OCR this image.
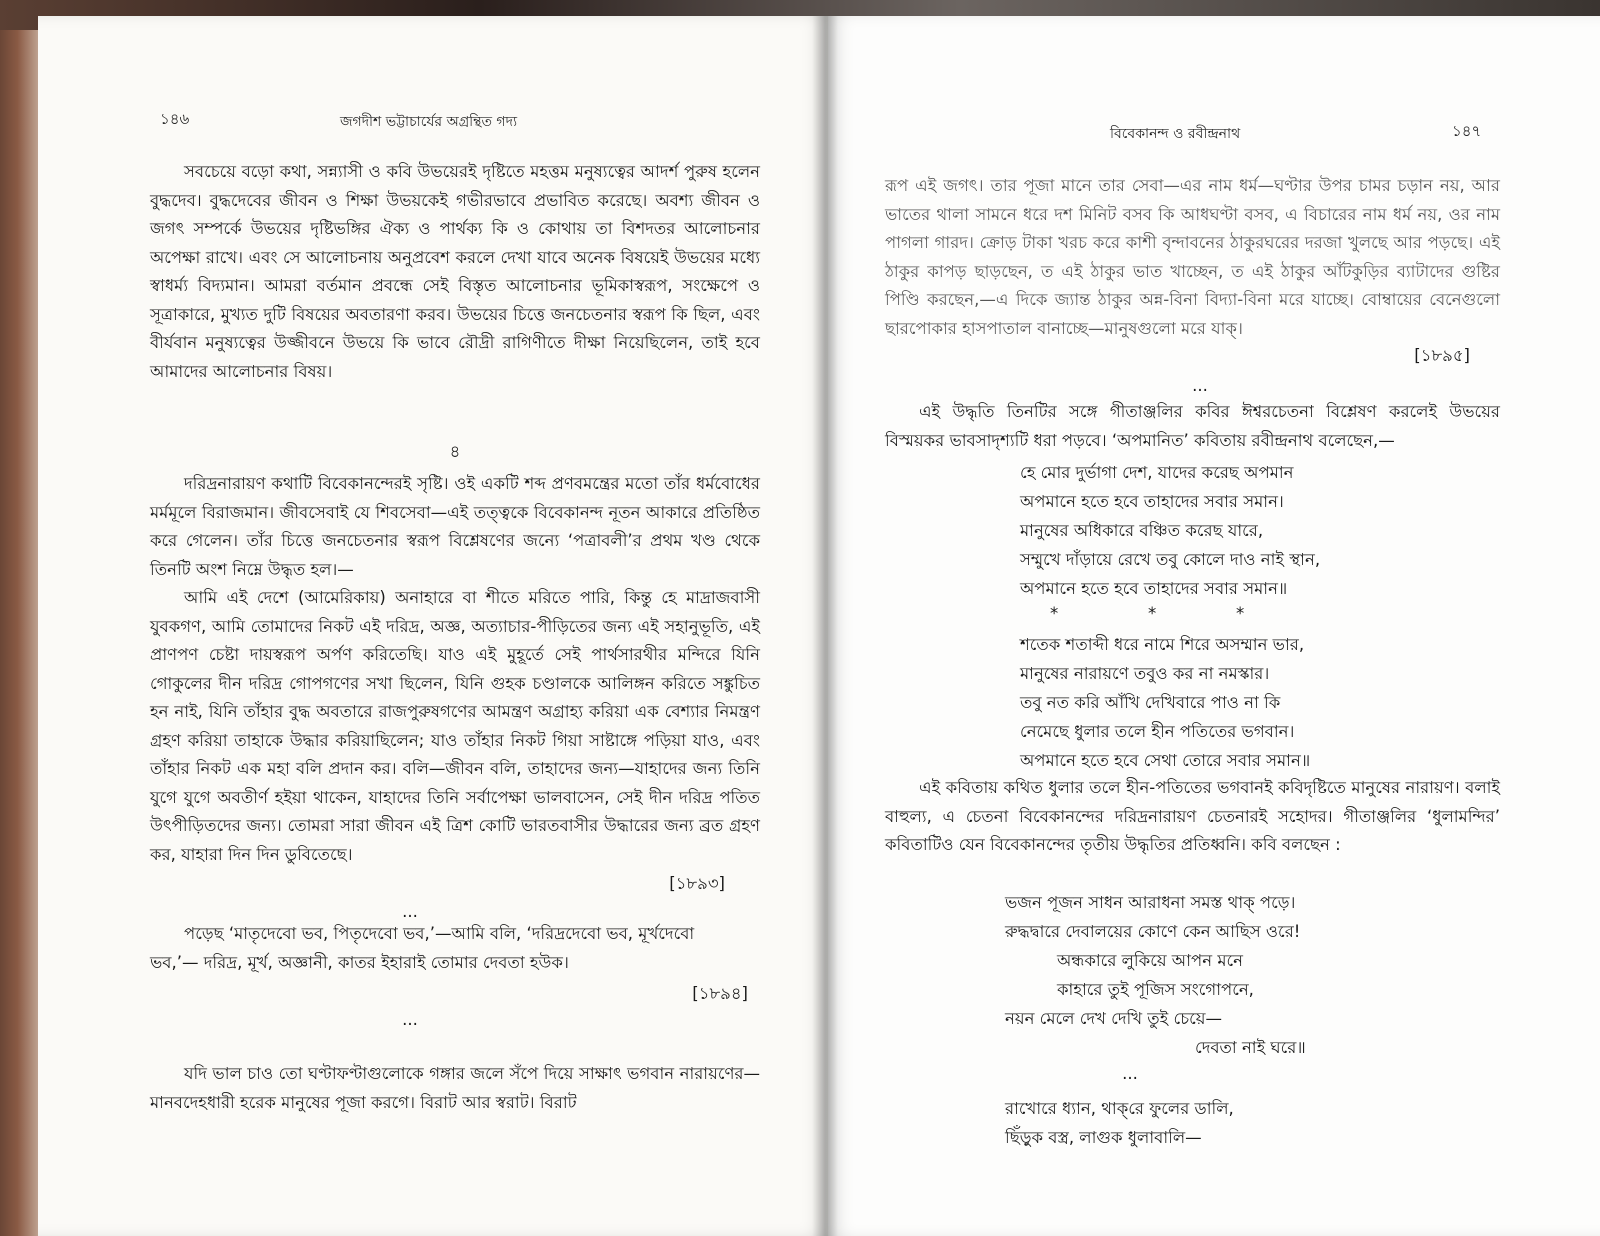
১৪৬	জগদীশ ভট্টাচার্যের অগ্রন্থিত গদ্য
সবচেয়ে বড়ো কথা, সন্ন্যাসী ও কবি উভয়েরই দৃষ্টিতে মহত্তম মনুষ্যত্বের আদর্শ পুরুষ হলেন বুদ্ধদেব। বুদ্ধদেবের জীবন ও শিক্ষা উভয়কেই গভীরভাবে প্রভাবিত করেছে। অবশ্য জীবন ও জগৎ সম্পর্কে উভয়ের দৃষ্টিভঙ্গির ঐক্য ও পার্থক্য কি ও কোথায় তা বিশদতর আলোচনার অপেক্ষা রাখে। এবং সে আলোচনায় অনুপ্রবেশ করলে দেখা যাবে অনেক বিষয়েই উভয়ের মধ্যে স্বাধর্ম্য বিদ্যমান। আমরা বর্তমান প্রবন্ধে সেই বিস্তৃত আলোচনার ভূমিকাস্বরূপ, সংক্ষেপে ও সূত্রাকারে, মুখ্যত দুটি বিষয়ের অবতারণা করব। উভয়ের চিত্তে জনচেতনার স্বরূপ কি ছিল, এবং বীর্যবান মনুষ্যত্বের উজ্জীবনে উভয়ে কি ভাবে রৌদ্রী রাগিণীতে দীক্ষা নিয়েছিলেন, তাই হবে আমাদের আলোচনার বিষয়।
৪
দরিদ্রনারায়ণ কথাটি বিবেকানন্দেরই সৃষ্টি। ওই একটি শব্দ প্রণবমন্ত্রের মতো তাঁর ধর্মবোধের মর্মমূলে বিরাজমান। জীবসেবাই যে শিবসেবা—এই তত্ত্বকে বিবেকানন্দ নূতন আকারে প্রতিষ্ঠিত করে গেলেন। তাঁর চিত্তে জনচেতনার স্বরূপ বিশ্লেষণের জন্যে ‘পত্রাবলী’র প্রথম খণ্ড থেকে তিনটি অংশ নিম্নে উদ্ধৃত হল।—
আমি এই দেশে (আমেরিকায়) অনাহারে বা শীতে মরিতে পারি, কিন্তু হে মাদ্রাজবাসী যুবকগণ, আমি তোমাদের নিকট এই দরিদ্র, অজ্ঞ, অত্যাচার-পীড়িতের জন্য এই সহানুভূতি, এই প্রাণপণ চেষ্টা দায়স্বরূপ অর্পণ করিতেছি। যাও এই মুহূর্তে সেই পার্থসারথীর মন্দিরে যিনি গোকুলের দীন দরিদ্র গোপগণের সখা ছিলেন, যিনি গুহক চণ্ডালকে আলিঙ্গন করিতে সঙ্কুচিত হন নাই, যিনি তাঁহার বুদ্ধ অবতারে রাজপুরুষগণের আমন্ত্রণ অগ্রাহ্য করিয়া এক বেশ্যার নিমন্ত্রণ গ্রহণ করিয়া তাহাকে উদ্ধার করিয়াছিলেন; যাও তাঁহার নিকট গিয়া সাষ্টাঙ্গে পড়িয়া যাও, এবং তাঁহার নিকট এক মহা বলি প্রদান কর। বলি—জীবন বলি, তাহাদের জন্য—যাহাদের জন্য তিনি যুগে যুগে অবতীর্ণ হইয়া থাকেন, যাহাদের তিনি সর্বাপেক্ষা ভালবাসেন, সেই দীন দরিদ্র পতিত উৎপীড়িতদের জন্য। তোমরা সারা জীবন এই ত্রিশ কোটি ভারতবাসীর উদ্ধারের জন্য ব্রত গ্রহণ কর, যাহারা দিন দিন ডুবিতেছে।
[১৮৯৩]
...
পড়েছ ‘মাতৃদেবো ভব, পিতৃদেবো ভব,’—আমি বলি, ‘দরিদ্রদেবো ভব, মূর্খদেবো ভব,’— দরিদ্র, মূর্খ, অজ্ঞানী, কাতর ইহারাই তোমার দেবতা হউক।
[১৮৯৪]
...
যদি ভাল চাও তো ঘণ্টাফণ্টাগুলোকে গঙ্গার জলে সঁপে দিয়ে সাক্ষাৎ ভগবান নারায়ণের—মানবদেহধারী হরেক মানুষের পূজা করগে। বিরাট আর স্বরাট। বিরাট
বিবেকানন্দ ও রবীন্দ্রনাথ	১৪৭
রূপ এই জগৎ। তার পূজা মানে তার সেবা—এর নাম ধর্ম—ঘণ্টার উপর চামর চড়ান নয়, আর ভাতের থালা সামনে ধরে দশ মিনিট বসব কি আধঘণ্টা বসব, এ বিচারের নাম ধর্ম নয়, ওর নাম পাগলা গারদ। ক্রোড় টাকা খরচ করে কাশী বৃন্দাবনের ঠাকুরঘরের দরজা খুলছে আর পড়ছে। এই ঠাকুর কাপড় ছাড়ছেন, ত এই ঠাকুর ভাত খাচ্ছেন, ত এই ঠাকুর আঁটকুড়ির ব্যাটাদের গুষ্টির পিণ্ডি করছেন,—এ দিকে জ্যান্ত ঠাকুর অন্ন-বিনা বিদ্যা-বিনা মরে যাচ্ছে। বোম্বায়ের বেনেগুলো ছারপোকার হাসপাতাল বানাচ্ছে—মানুষগুলো মরে যাক্।
[১৮৯৫]
...
এই উদ্ধৃতি তিনটির সঙ্গে গীতাঞ্জলির কবির ঈশ্বরচেতনা বিশ্লেষণ করলেই উভয়ের বিস্ময়কর ভাবসাদৃশ্যটি ধরা পড়বে। ‘অপমানিত’ কবিতায় রবীন্দ্রনাথ বলেছেন,—
হে মোর দুর্ভাগা দেশ, যাদের করেছ অপমান
অপমানে হতে হবে তাহাদের সবার সমান।
মানুষের অধিকারে বঞ্চিত করেছ যারে,
সম্মুখে দাঁড়ায়ে রেখে তবু কোলে দাও নাই স্থান,
অপমানে হতে হবে তাহাদের সবার সমান॥
*	*	*
শতেক শতাব্দী ধরে নামে শিরে অসম্মান ভার,
মানুষের নারায়ণে তবুও কর না নমস্কার।
তবু নত করি আঁখি দেখিবারে পাও না কি
নেমেছে ধুলার তলে হীন পতিতের ভগবান।
অপমানে হতে হবে সেথা তোরে সবার সমান॥
এই কবিতায় কথিত ধুলার তলে হীন-পতিতের ভগবানই কবিদৃষ্টিতে মানুষের নারায়ণ। বলাই বাহুল্য, এ চেতনা বিবেকানন্দের দরিদ্রনারায়ণ চেতনারই সহোদর। গীতাঞ্জলির ‘ধুলামন্দির’ কবিতাটিও যেন বিবেকানন্দের তৃতীয় উদ্ধৃতির প্রতিধ্বনি। কবি বলছেন :
ভজন পূজন সাধন আরাধনা সমস্ত থাক্ পড়ে।
রুদ্ধদ্বারে দেবালয়ের কোণে কেন আছিস ওরে!
অন্ধকারে লুকিয়ে আপন মনে
কাহারে তুই পূজিস সংগোপনে,
নয়ন মেলে দেখ দেখি তুই চেয়ে—
দেবতা নাই ঘরে॥
...
রাখোরে ধ্যান, থাক্‌রে ফুলের ডালি,
ছিঁড়ুক বস্ত্র, লাগুক ধুলাবালি—
